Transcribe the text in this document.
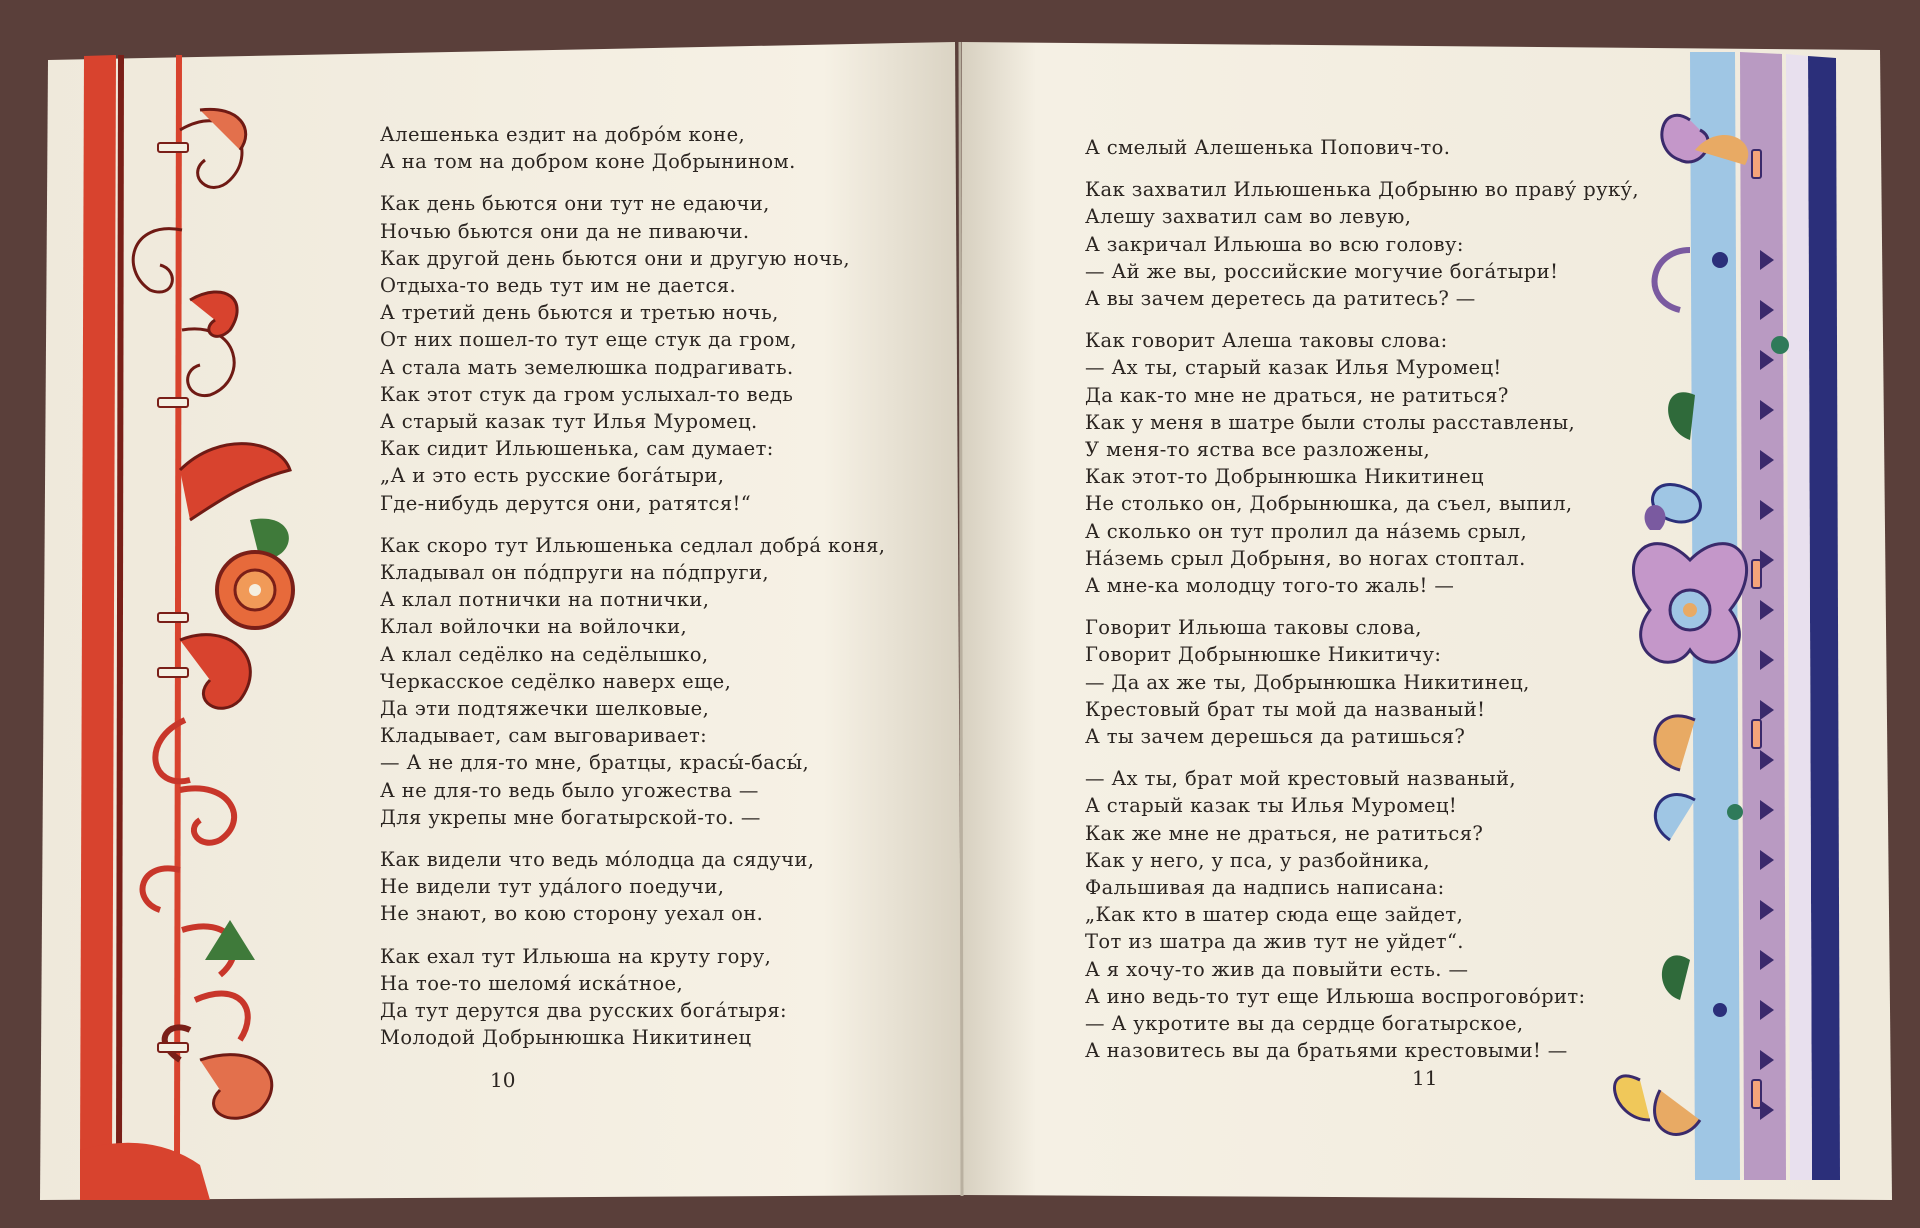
Алешенька ездит на добро́м коне,
А на том на добром коне Добрынином.
Как день бьются они тут не едаючи,
Ночью бьются они да не пиваючи.
Как другой день бьются они и другую ночь,
Отдыха-то ведь тут им не дается.
А третий день бьются и третью ночь,
От них пошел-то тут еще стук да гром,
А стала мать земелюшка подрагивать.
Как этот стук да гром услыхал-то ведь
А старый казак тут Илья Муромец.
Как сидит Ильюшенька, сам думает:
„А и это есть русские бога́тыри,
Где-нибудь дерутся они, ратятся!“
Как скоро тут Ильюшенька седлал добра́ коня,
Кладывал он по́дпруги на по́дпруги,
А клал потнички на потнички,
Клал войлочки на войлочки,
А клал седёлко на седёлышко,
Черкасское седёлко наверх еще,
Да эти подтяжечки шелковые,
Кладывает, сам выговаривает:
— А не для-то мне, братцы, красы́-басы́,
А не для-то ведь было угожества —
Для укрепы мне богатырской-то. —
Как видели что ведь мо́лодца да сядучи,
Не видели тут уда́лого поедучи,
Не знают, во кою сторону уехал он.
Как ехал тут Ильюша на круту гору,
На тое-то шеломя́ иска́тное,
Да тут дерутся два русских бога́тыря:
Молодой Добрынюшка Никитинец
10
А смелый Алешенька Попович-то.
Как захватил Ильюшенька Добрыню во праву́ руку́,
Алешу захватил сам во левую,
А закричал Ильюша во всю голову:
— Ай же вы, российские могучие бога́тыри!
А вы зачем деретесь да ратитесь? —
Как говорит Алеша таковы слова:
— Ах ты, старый казак Илья Муромец!
Да как-то мне не драться, не ратиться?
Как у меня в шатре были столы расставлены,
У меня-то яства все разложены,
Как этот-то Добрынюшка Никитинец
Не столько он, Добрынюшка, да съел, выпил,
А сколько он тут пролил да на́земь срыл,
На́земь срыл Добрыня, во ногах стоптал.
А мне-ка молодцу того-то жаль! —
Говорит Ильюша таковы слова,
Говорит Добрынюшке Никитичу:
— Да ах же ты, Добрынюшка Никитинец,
Крестовый брат ты мой да названый!
А ты зачем дерешься да ратишься?
— Ах ты, брат мой крестовый названый,
А старый казак ты Илья Муромец!
Как же мне не драться, не ратиться?
Как у него, у пса, у разбойника,
Фальшивая да надпись написана:
„Как кто в шатер сюда еще зайдет,
Тот из шатра да жив тут не уйдет“.
А я хочу-то жив да повыйти есть. —
А ино ведь-то тут еще Ильюша воспрогово́рит:
— А укротите вы да сердце богатырское,
А назовитесь вы да братьями крестовыми! —
11
